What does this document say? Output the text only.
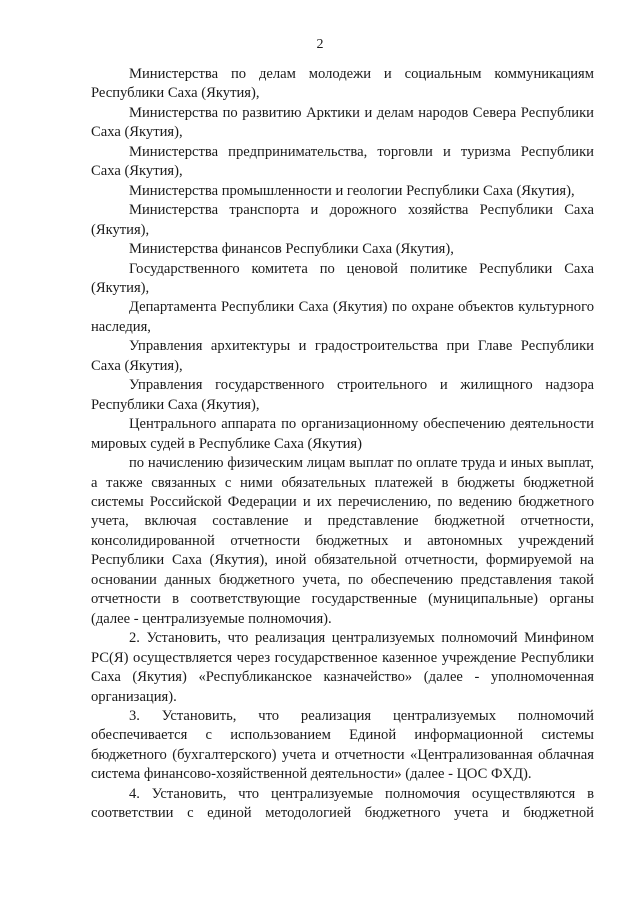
2

Министерства по делам молодежи и социальным коммуникациям Республики Саха (Якутия),

Министерства по развитию Арктики и делам народов Севера Республики Саха (Якутия),

Министерства предпринимательства, торговли и туризма Республики Саха (Якутия),

Министерства промышленности и геологии Республики Саха (Якутия),

Министерства транспорта и дорожного хозяйства Республики Саха (Якутия),

Министерства финансов Республики Саха (Якутия),

Государственного комитета по ценовой политике Республики Саха (Якутия),

Департамента Республики Саха (Якутия) по охране объектов культурного наследия,

Управления архитектуры и градостроительства при Главе Республики Саха (Якутия),

Управления государственного строительного и жилищного надзора Республики Саха (Якутия),

Центрального аппарата по организационному обеспечению деятельности мировых судей в Республике Саха (Якутия)

по начислению физическим лицам выплат по оплате труда и иных выплат, а также связанных с ними обязательных платежей в бюджеты бюджетной системы Российской Федерации и их перечислению, по ведению бюджетного учета, включая составление и представление бюджетной отчетности, консолидированной отчетности бюджетных и автономных учреждений Республики Саха (Якутия), иной обязательной отчетности, формируемой на основании данных бюджетного учета, по обеспечению представления такой отчетности в соответствующие государственные (муниципальные) органы (далее - централизуемые полномочия).

2. Установить, что реализация централизуемых полномочий Минфином РС(Я) осуществляется через государственное казенное учреждение Республики Саха (Якутия) «Республиканское казначейство» (далее - уполномоченная организация).

3. Установить, что реализация централизуемых полномочий обеспечивается с использованием Единой информационной системы бюджетного (бухгалтерского) учета и отчетности «Централизованная облачная система финансово-хозяйственной деятельности» (далее - ЦОС ФХД).

4. Установить, что централизуемые полномочия осуществляются в соответствии с единой методологией бюджетного учета и бюджетной
